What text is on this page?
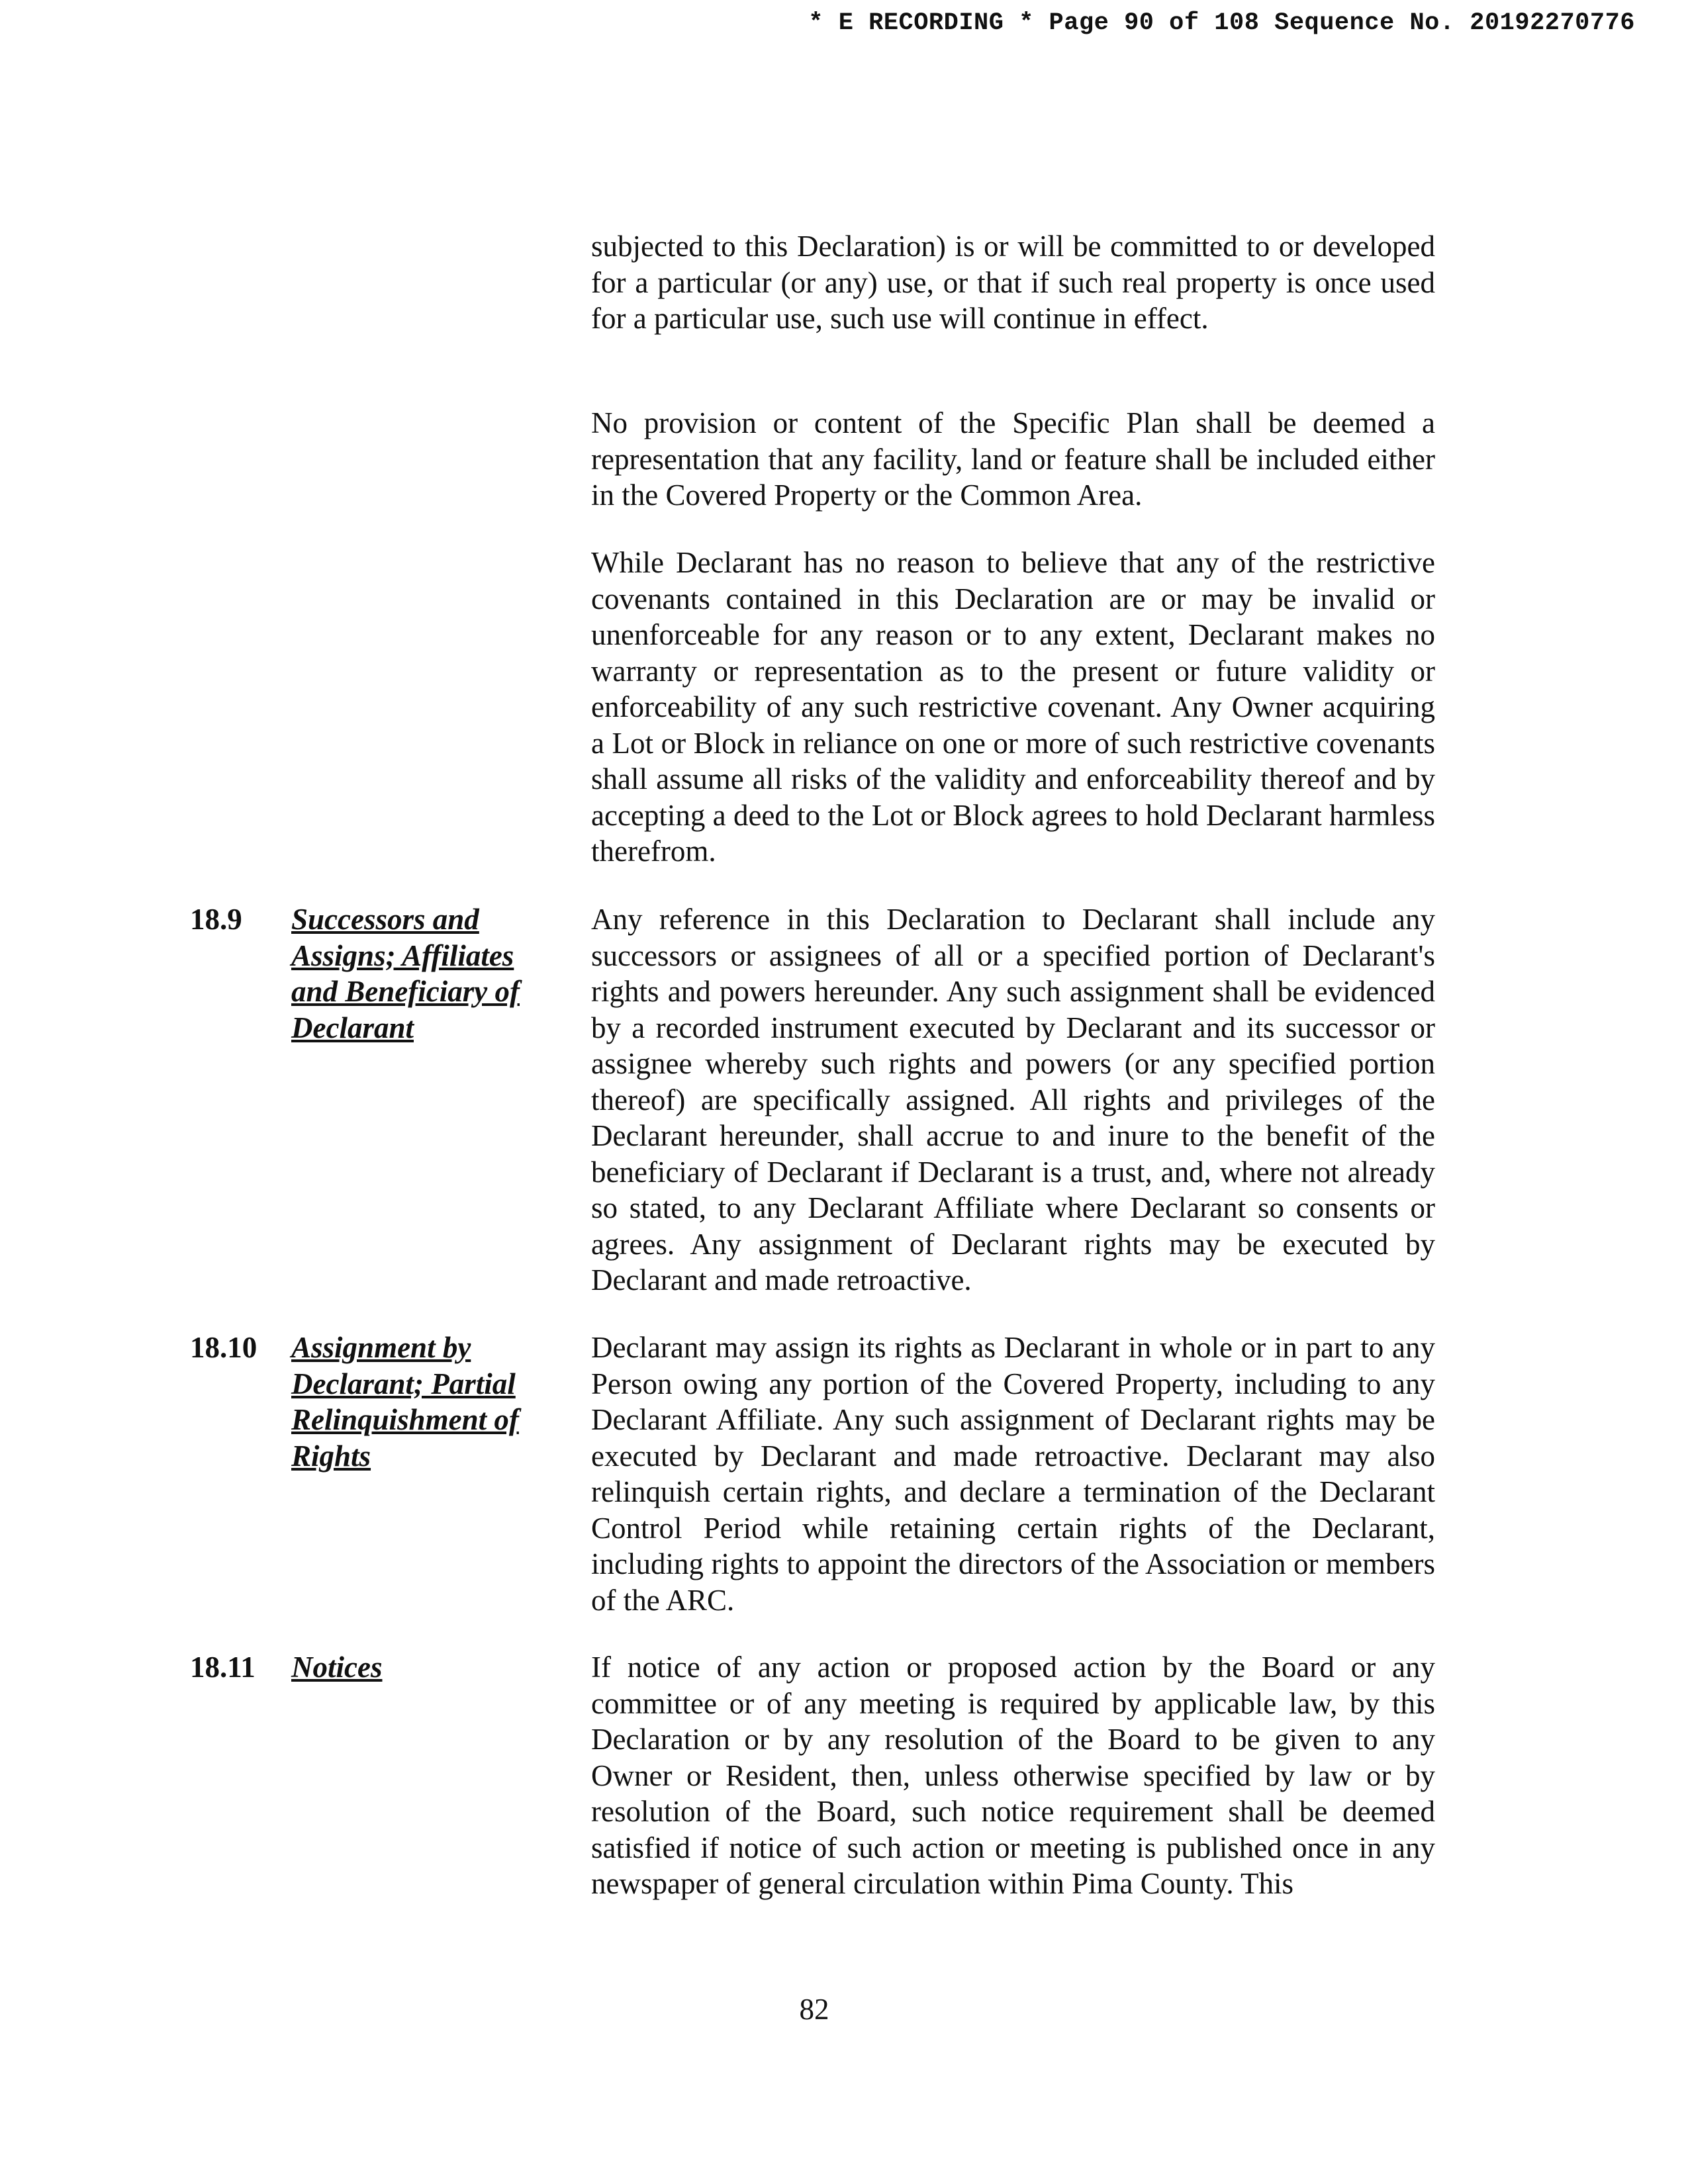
* E RECORDING * Page 90 of 108 Sequence No. 20192270776
subjected to this Declaration) is or will be committed to or developed for a particular (or any) use, or that if such real property is once used for a particular use, such use will continue in effect.
No provision or content of the Specific Plan shall be deemed a representation that any facility, land or feature shall be included either in the Covered Property or the Common Area.
While Declarant has no reason to believe that any of the restrictive covenants contained in this Declaration are or may be invalid or unenforceable for any reason or to any extent, Declarant makes no warranty or representation as to the present or future validity or enforceability of any such restrictive covenant. Any Owner acquiring a Lot or Block in reliance on one or more of such restrictive covenants shall assume all risks of the validity and enforceability thereof and by accepting a deed to the Lot or Block agrees to hold Declarant harmless therefrom.
18.9 Successors and Assigns; Affiliates and Beneficiary of Declarant
Any reference in this Declaration to Declarant shall include any successors or assignees of all or a specified portion of Declarant's rights and powers hereunder. Any such assignment shall be evidenced by a recorded instrument executed by Declarant and its successor or assignee whereby such rights and powers (or any specified portion thereof) are specifically assigned. All rights and privileges of the Declarant hereunder, shall accrue to and inure to the benefit of the beneficiary of Declarant if Declarant is a trust, and, where not already so stated, to any Declarant Affiliate where Declarant so consents or agrees. Any assignment of Declarant rights may be executed by Declarant and made retroactive.
18.10 Assignment by Declarant; Partial Relinquishment of Rights
Declarant may assign its rights as Declarant in whole or in part to any Person owing any portion of the Covered Property, including to any Declarant Affiliate. Any such assignment of Declarant rights may be executed by Declarant and made retroactive. Declarant may also relinquish certain rights, and declare a termination of the Declarant Control Period while retaining certain rights of the Declarant, including rights to appoint the directors of the Association or members of the ARC.
18.11 Notices	If notice of any action or proposed action by the Board or any committee or of any meeting is required by applicable law, by this Declaration or by any resolution of the Board to be given to any Owner or Resident, then, unless otherwise specified by law or by resolution of the Board, such notice requirement shall be deemed satisfied if notice of such action or meeting is published once in any newspaper of general circulation within Pima County. This
82
